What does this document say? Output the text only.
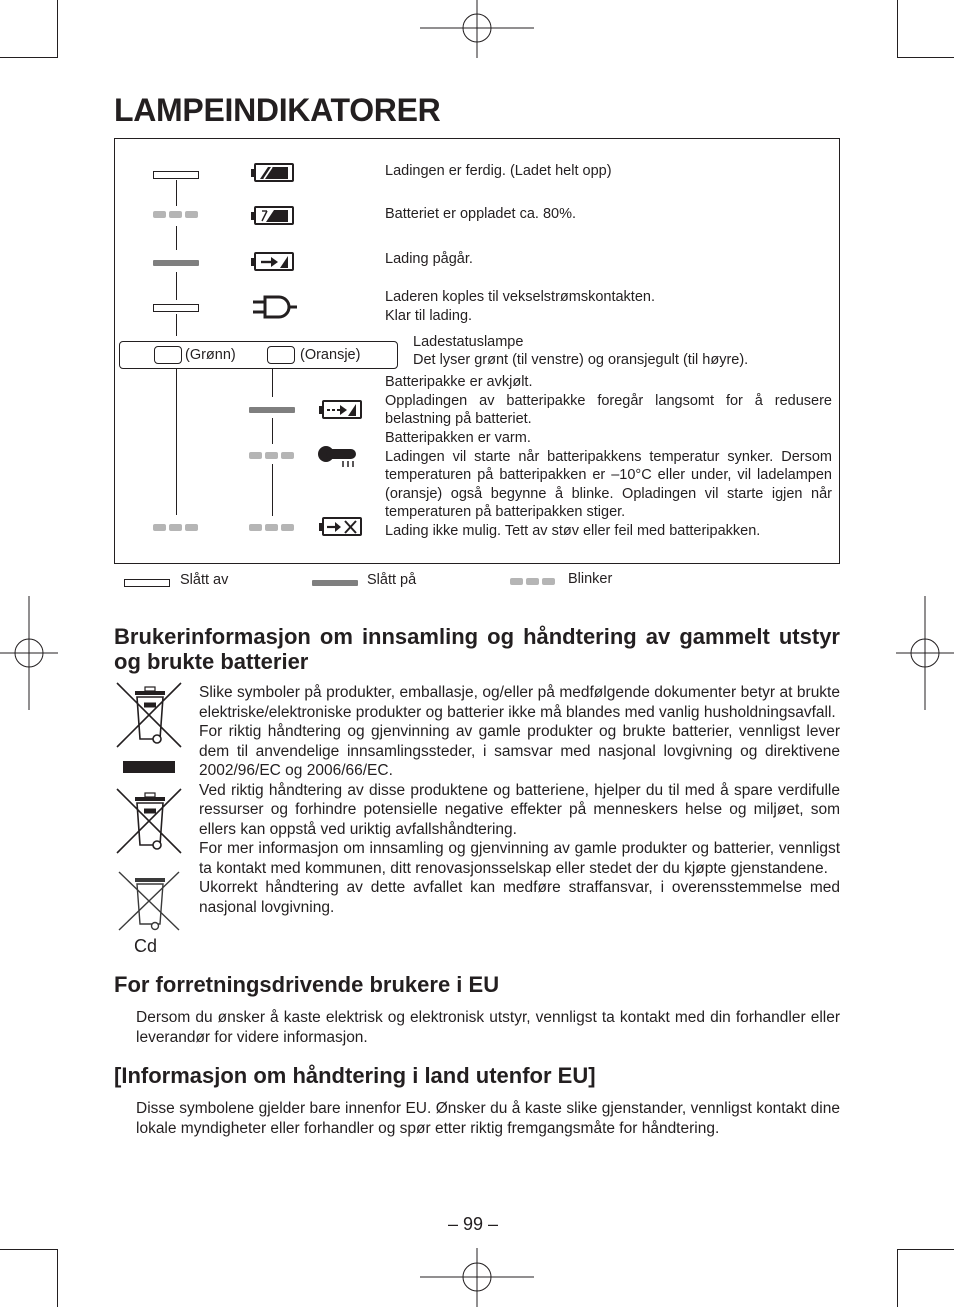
LAMPEINDIKATORER
Ladingen er ferdig. (Ladet helt opp)
Batteriet er oppladet ca. 80%.
Lading pågår.
Laderen koples til vekselstrømskontakten.
Klar til lading.
(Grønn)	(Oransje)
Ladestatuslampe
Det lyser grønt (til venstre) og oransjegult (til høyre).
Batteripakke er avkjølt.
Oppladingen av batteripakke foregår langsomt for å redusere belastning på batteriet.
Batteripakken er varm.
Ladingen vil starte når batteripakkens temperatur synker. Dersom temperaturen på batteripakken er –10°C eller under, vil ladelampen (oransje) også begynne å blinke. Opladingen vil starte igjen når temperaturen på batteripakken stiger.
Lading ikke mulig. Tett av støv eller feil med batteripakken.
Slått av	Slått på	Blinker
Brukerinformasjon om innsamling og håndtering av gammelt utstyr og brukte batterier
Cd
Slike symboler på produkter, emballasje, og/eller på medfølgende dokumenter betyr at brukte elektriske/elektroniske produkter og batterier ikke må blandes med vanlig husholdningsavfall.
For riktig håndtering og gjenvinning av gamle produkter og brukte batterier, vennligst lever dem til anvendelige innsamlingssteder, i samsvar med nasjonal lovgivning og direktivene 2002/96/EC og 2006/66/EC.
Ved riktig håndtering av disse produktene og batteriene, hjelper du til med å spare verdifulle ressurser og forhindre potensielle negative effekter på menneskers helse og miljøet, som ellers kan oppstå ved uriktig avfallshåndtering.
For mer informasjon om innsamling og gjenvinning av gamle produkter og batterier, vennligst ta kontakt med kommunen, ditt renovasjonsselskap eller stedet der du kjøpte gjenstandene.
Ukorrekt håndtering av dette avfallet kan medføre straffansvar, i overensstemmelse med nasjonal lovgivning.
For forretningsdrivende brukere i EU
Dersom du ønsker å kaste elektrisk og elektronisk utstyr, vennligst ta kontakt med din forhandler eller leverandør for videre informasjon.
[Informasjon om håndtering i land utenfor EU]
Disse symbolene gjelder bare innenfor EU. Ønsker du å kaste slike gjenstander, vennligst kontakt dine lokale myndigheter eller forhandler og spør etter riktig fremgangsmåte for håndtering.
– 99 –
